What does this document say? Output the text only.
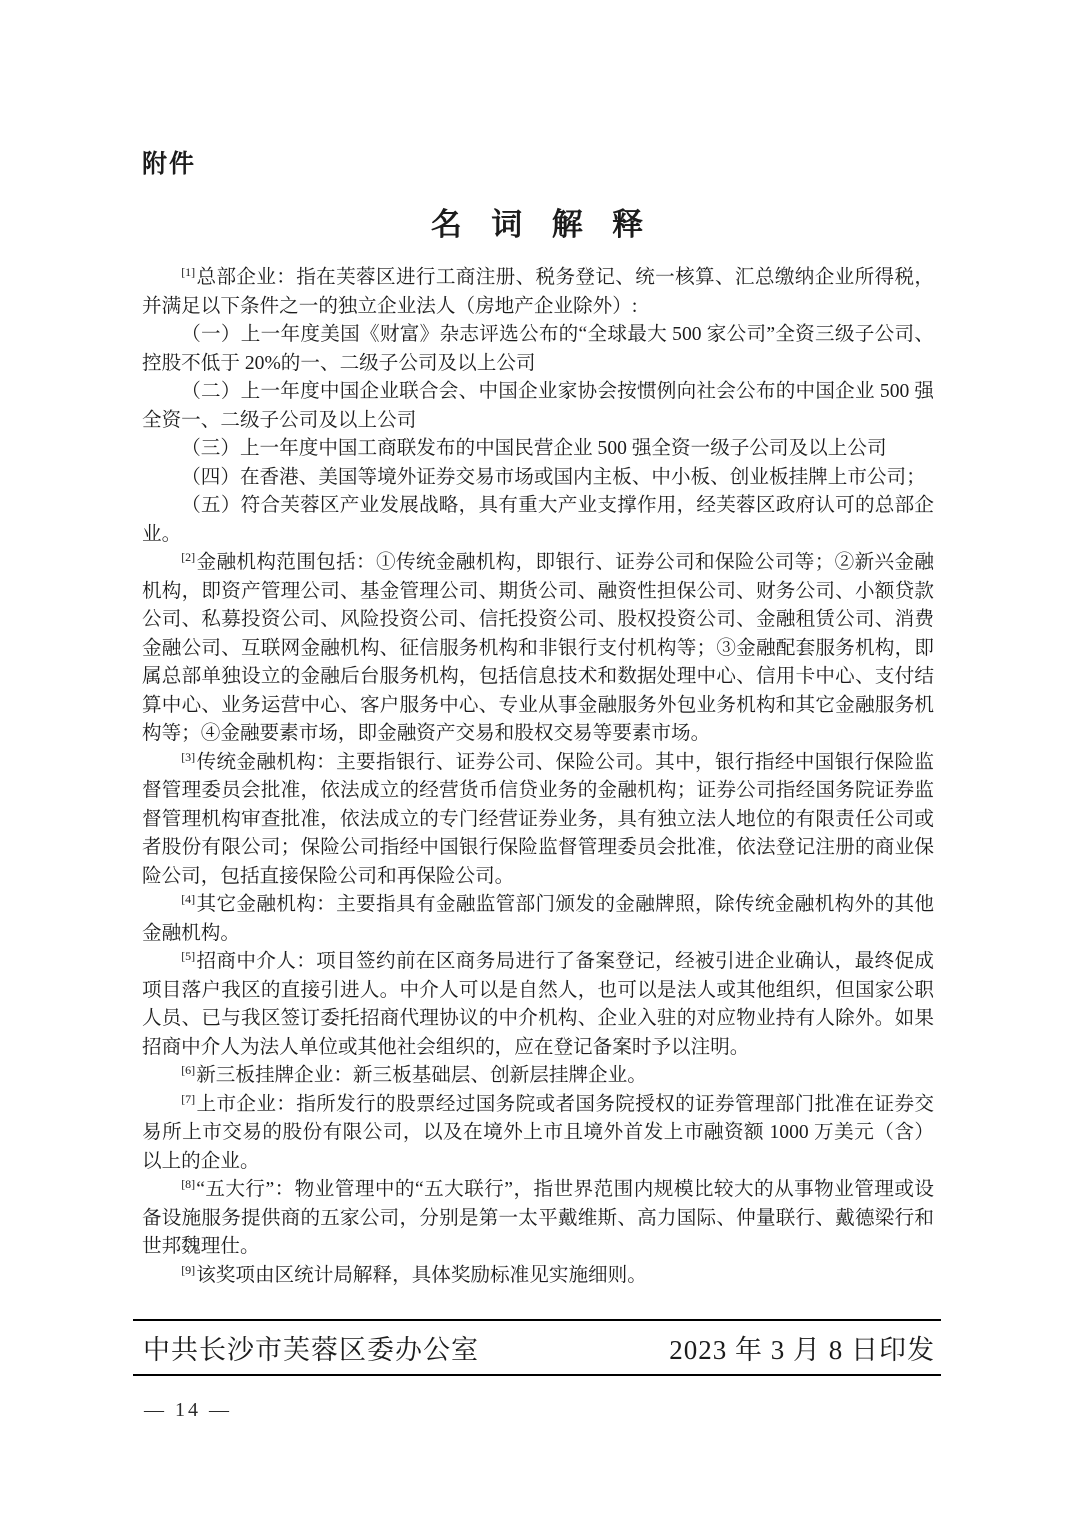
附件
名词解释

[1]总部企业：指在芙蓉区进行工商注册、税务登记、统一核算、汇总缴纳企业所得税，并满足以下条件之一的独立企业法人（房地产企业除外）:

（一）上一年度美国《财富》杂志评选公布的“全球最大 500 家公司”全资三级子公司、控股不低于 20%的一、二级子公司及以上公司

（二）上一年度中国企业联合会、中国企业家协会按惯例向社会公布的中国企业 500 强全资一、二级子公司及以上公司

（三）上一年度中国工商联发布的中国民营企业 500 强全资一级子公司及以上公司

（四）在香港、美国等境外证券交易市场或国内主板、中小板、创业板挂牌上市公司；

（五）符合芙蓉区产业发展战略，具有重大产业支撑作用，经芙蓉区政府认可的总部企业。

[2]金融机构范围包括：①传统金融机构，即银行、证券公司和保险公司等；②新兴金融机构，即资产管理公司、基金管理公司、期货公司、融资性担保公司、财务公司、小额贷款公司、私募投资公司、风险投资公司、信托投资公司、股权投资公司、金融租赁公司、消费金融公司、互联网金融机构、征信服务机构和非银行支付机构等；③金融配套服务机构，即属总部单独设立的金融后台服务机构，包括信息技术和数据处理中心、信用卡中心、支付结算中心、业务运营中心、客户服务中心、专业从事金融服务外包业务机构和其它金融服务机构等；④金融要素市场，即金融资产交易和股权交易等要素市场。

[3]传统金融机构：主要指银行、证券公司、保险公司。其中，银行指经中国银行保险监督管理委员会批准，依法成立的经营货币信贷业务的金融机构；证券公司指经国务院证券监督管理机构审查批准，依法成立的专门经营证券业务，具有独立法人地位的有限责任公司或者股份有限公司；保险公司指经中国银行保险监督管理委员会批准，依法登记注册的商业保险公司，包括直接保险公司和再保险公司。

[4]其它金融机构：主要指具有金融监管部门颁发的金融牌照，除传统金融机构外的其他金融机构。

[5]招商中介人：项目签约前在区商务局进行了备案登记，经被引进企业确认，最终促成项目落户我区的直接引进人。中介人可以是自然人，也可以是法人或其他组织，但国家公职人员、已与我区签订委托招商代理协议的中介机构、企业入驻的对应物业持有人除外。如果招商中介人为法人单位或其他社会组织的，应在登记备案时予以注明。

[6]新三板挂牌企业：新三板基础层、创新层挂牌企业。

[7]上市企业：指所发行的股票经过国务院或者国务院授权的证券管理部门批准在证券交易所上市交易的股份有限公司，以及在境外上市且境外首发上市融资额 1000 万美元（含）以上的企业。

[8]“五大行”：物业管理中的“五大联行”，指世界范围内规模比较大的从事物业管理或设备设施服务提供商的五家公司，分别是第一太平戴维斯、高力国际、仲量联行、戴德梁行和世邦魏理仕。

[9]该奖项由区统计局解释，具体奖励标准见实施细则。

中共长沙市芙蓉区委办公室	2023 年 3 月 8 日印发
— 14 —
